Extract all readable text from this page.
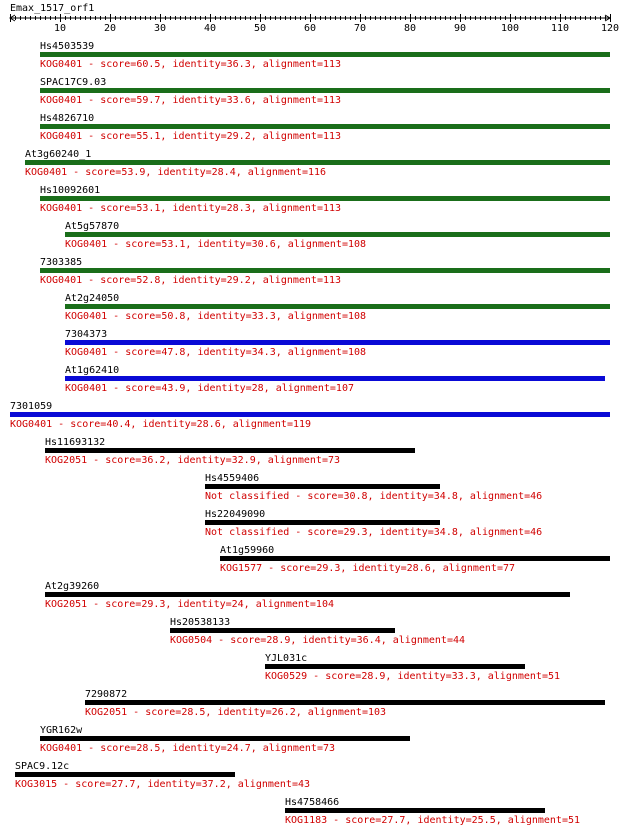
Emax_1517_orf1
10	20	30	40	50	60	70	80	90	100	110	120
Hs4503539
KOG0401 - score=60.5, identity=36.3, alignment=113
SPAC17C9.03
KOG0401 - score=59.7, identity=33.6, alignment=113
Hs4826710
KOG0401 - score=55.1, identity=29.2, alignment=113
At3g60240_1
KOG0401 - score=53.9, identity=28.4, alignment=116
Hs10092601
KOG0401 - score=53.1, identity=28.3, alignment=113
At5g57870
KOG0401 - score=53.1, identity=30.6, alignment=108
7303385
KOG0401 - score=52.8, identity=29.2, alignment=113
At2g24050
KOG0401 - score=50.8, identity=33.3, alignment=108
7304373
KOG0401 - score=47.8, identity=34.3, alignment=108
At1g62410
KOG0401 - score=43.9, identity=28, alignment=107
7301059
KOG0401 - score=40.4, identity=28.6, alignment=119
Hs11693132
KOG2051 - score=36.2, identity=32.9, alignment=73
Hs4559406
Not classified - score=30.8, identity=34.8, alignment=46
Hs22049090
Not classified - score=29.3, identity=34.8, alignment=46
At1g59960
KOG1577 - score=29.3, identity=28.6, alignment=77
At2g39260
KOG2051 - score=29.3, identity=24, alignment=104
Hs20538133
KOG0504 - score=28.9, identity=36.4, alignment=44
YJL031c
KOG0529 - score=28.9, identity=33.3, alignment=51
7290872
KOG2051 - score=28.5, identity=26.2, alignment=103
YGR162w
KOG0401 - score=28.5, identity=24.7, alignment=73
SPAC9.12c
KOG3015 - score=27.7, identity=37.2, alignment=43
Hs4758466
KOG1183 - score=27.7, identity=25.5, alignment=51
